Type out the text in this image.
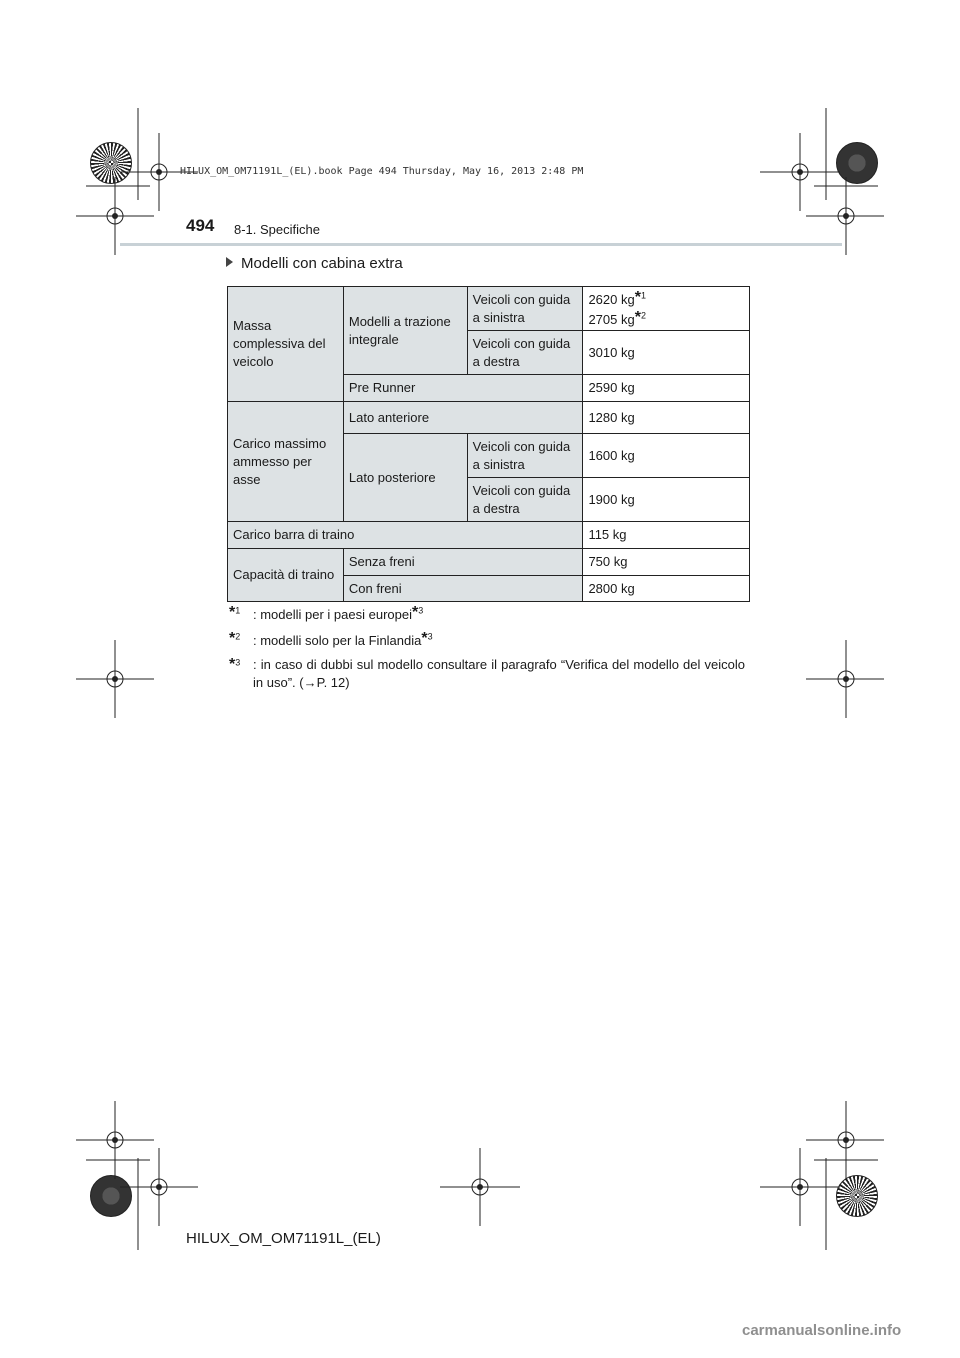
HILUX_OM_OM71191L_(EL).book Page 494 Thursday, May 16, 2013 2:48 PM
494 8-1. Specifiche
Modelli con cabina extra
Massa complessiva del veicolo	Modelli a trazione integrale	Veicoli con guida a sinistra	2620 kg*$^1$
2705 kg*$^2$
		Veicoli con guida a destra	3010 kg
	Pre Runner		2590 kg
Carico massimo ammesso per asse	Lato anteriore		1280 kg
	Lato posteriore	Veicoli con guida a sinistra	1600 kg
		Veicoli con guida a destra	1900 kg
Carico barra di traino			115 kg
Capacità di traino	Senza freni		750 kg
	Con freni		2800 kg
*$^1$ : modelli per i paesi europei*$^3$
*$^2$ : modelli solo per la Finlandia*$^3$
*$^3$ : in caso di dubbi sul modello consultare il paragrafo “Verifica del modello del veicolo in uso”. (→P. 12)
HILUX_OM_OM71191L_(EL)
carmanualsonline.info
